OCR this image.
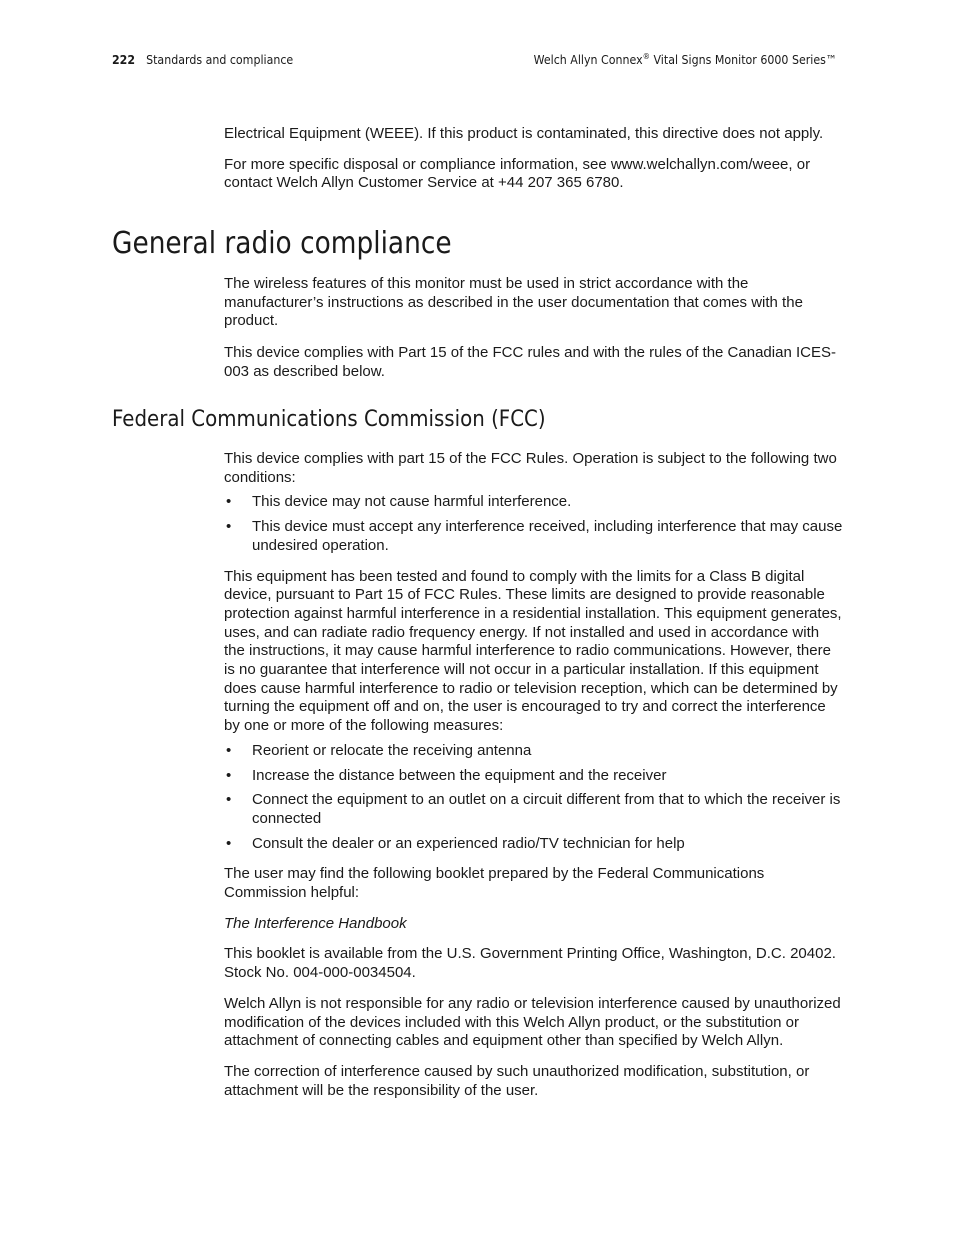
222 Standards and compliance	Welch Allyn Connex® Vital Signs Monitor 6000 Series™

Electrical Equipment (WEEE). If this product is contaminated, this directive does not apply.

For more specific disposal or compliance information, see www.welchallyn.com/weee, or contact Welch Allyn Customer Service at +44 207 365 6780.

General radio compliance

The wireless features of this monitor must be used in strict accordance with the manufacturer’s instructions as described in the user documentation that comes with the product.

This device complies with Part 15 of the FCC rules and with the rules of the Canadian ICES-003 as described below.

Federal Communications Commission (FCC)

This device complies with part 15 of the FCC Rules. Operation is subject to the following two conditions:

• This device may not cause harmful interference.
• This device must accept any interference received, including interference that may cause undesired operation.

This equipment has been tested and found to comply with the limits for a Class B digital device, pursuant to Part 15 of FCC Rules. These limits are designed to provide reasonable protection against harmful interference in a residential installation. This equipment generates, uses, and can radiate radio frequency energy. If not installed and used in accordance with the instructions, it may cause harmful interference to radio communications. However, there is no guarantee that interference will not occur in a particular installation. If this equipment does cause harmful interference to radio or television reception, which can be determined by turning the equipment off and on, the user is encouraged to try and correct the interference by one or more of the following measures:

• Reorient or relocate the receiving antenna
• Increase the distance between the equipment and the receiver
• Connect the equipment to an outlet on a circuit different from that to which the receiver is connected
• Consult the dealer or an experienced radio/TV technician for help

The user may find the following booklet prepared by the Federal Communications Commission helpful:

The Interference Handbook

This booklet is available from the U.S. Government Printing Office, Washington, D.C. 20402. Stock No. 004-000-0034504.

Welch Allyn is not responsible for any radio or television interference caused by unauthorized modification of the devices included with this Welch Allyn product, or the substitution or attachment of connecting cables and equipment other than specified by Welch Allyn.

The correction of interference caused by such unauthorized modification, substitution, or attachment will be the responsibility of the user.
